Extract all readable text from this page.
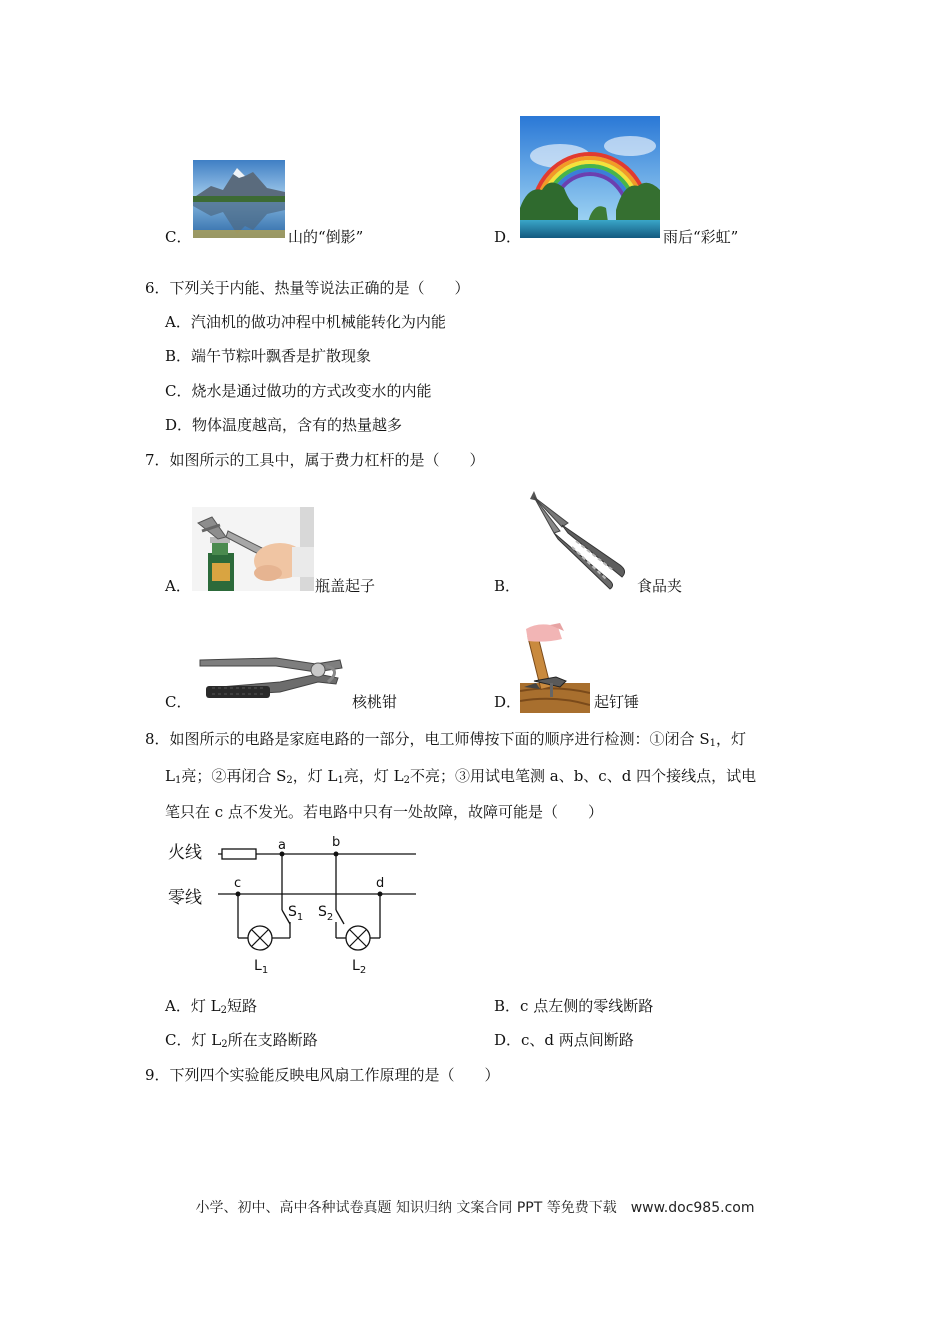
C．	山的“倒影”	D．	雨后“彩虹”
6．下列关于内能、热量等说法正确的是（　　）
A．汽油机的做功冲程中机械能转化为内能
B．端午节粽叶飘香是扩散现象
C．烧水是通过做功的方式改变水的内能
D．物体温度越高，含有的热量越多
7．如图所示的工具中，属于费力杠杆的是（　　）
A．	瓶盖起子	B．	食品夹
C．	核桃钳	D．	起钉锤
8．如图所示的电路是家庭电路的一部分，电工师傅按下面的顺序进行检测：①闭合 $S_1$，灯
$L_1$亮；②再闭合 $S_2$，灯 $L_1$亮，灯 $L_2$不亮；③用试电笔测 a、b、c、d 四个接线点，试电
笔只在 c 点不发光。若电路中只有一处故障，故障可能是（　　）
火线
零线
a	b
c	d
$S_1$
$L_1$
$S_2$
$L_2$
A．灯 $L_2$短路	B．c 点左侧的零线断路
C．灯 $L_2$所在支路断路	D．c、d 两点间断路
9．下列四个实验能反映电风扇工作原理的是（　　）
小学、初中、高中各种试卷真题 知识归纳 文案合同 PPT 等免费下载　www.doc985.com
